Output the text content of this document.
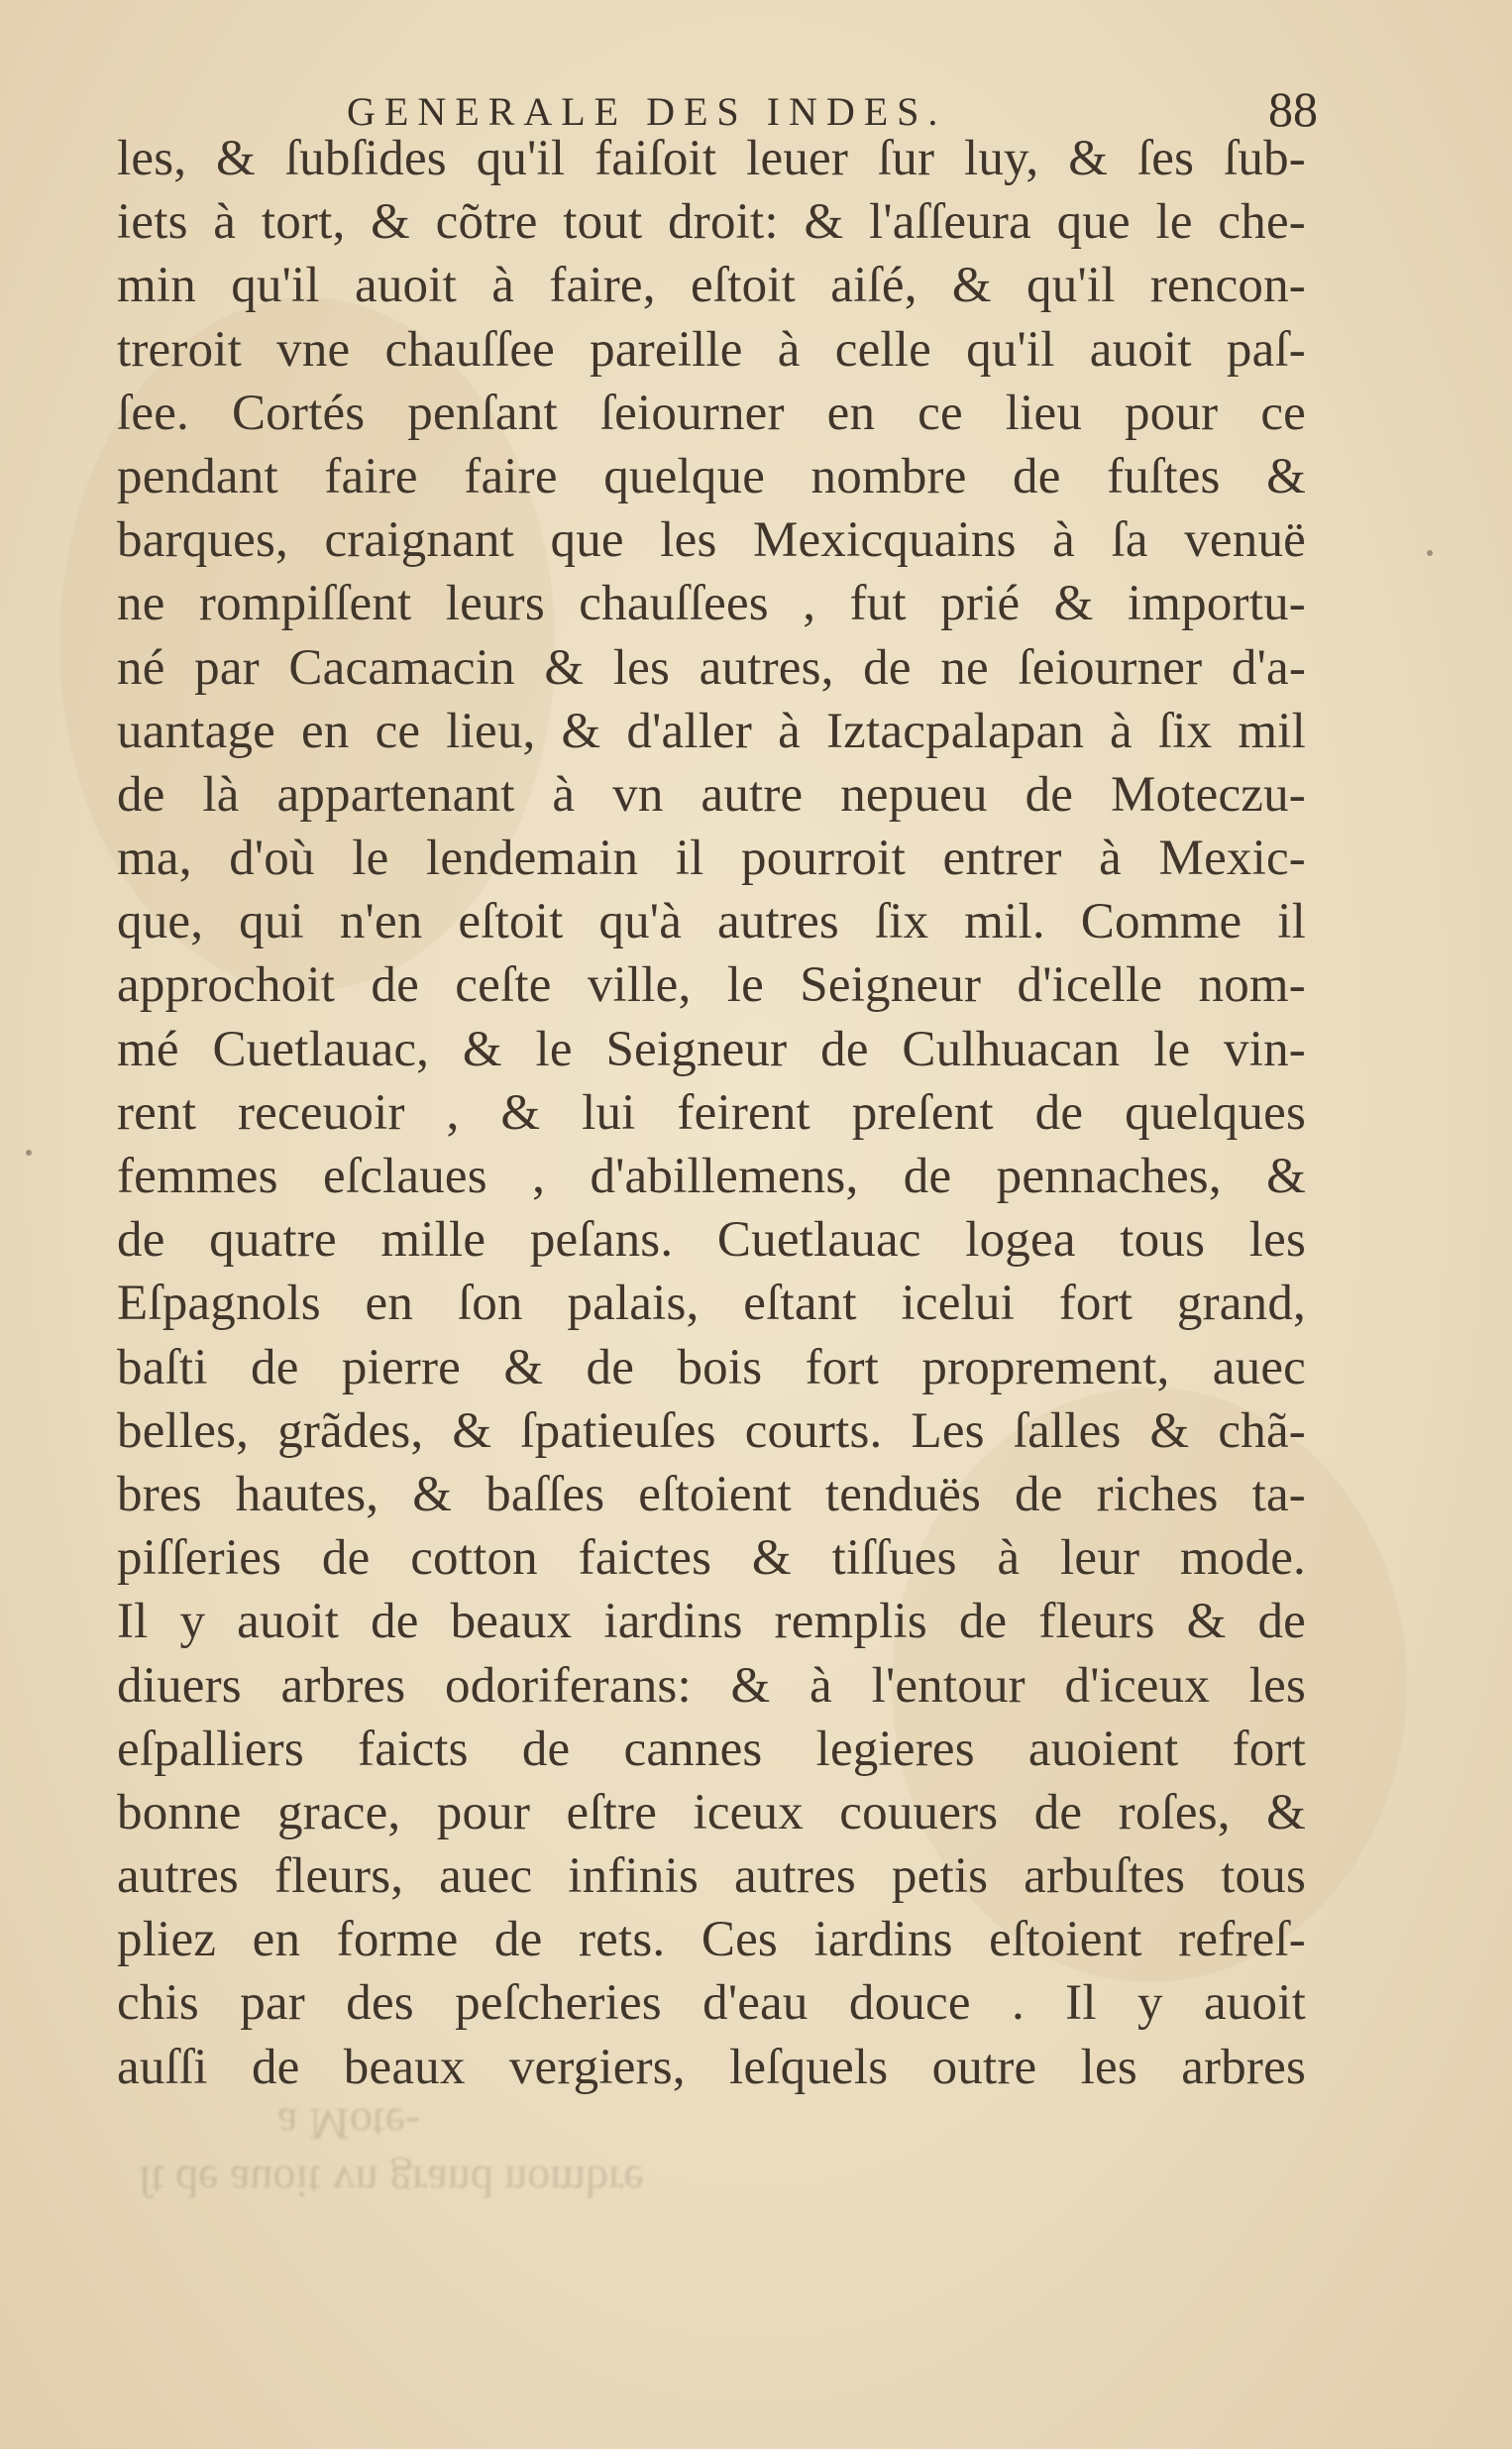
GENERALE DES INDES.	88
les, & ſubſides qu'il faiſoit leuer ſur luy, & ſes ſub-
iets à tort, & cõtre tout droit: & l'aſſeura que le che-
min qu'il auoit à faire, eſtoit aiſé, & qu'il rencon-
treroit vne chauſſee pareille à celle qu'il auoit paſ-
ſee. Cortés penſant ſeiourner en ce lieu pour ce
pendant faire faire quelque nombre de fuſtes &
barques, craignant que les Mexicquains à ſa venuë
ne rompiſſent leurs chauſſees , fut prié & importu-
né par Cacamacin & les autres, de ne ſeiourner d'a-
uantage en ce lieu, & d'aller à Iztacpalapan à ſix mil
de là appartenant à vn autre nepueu de Moteczu-
ma, d'où le lendemain il pourroit entrer à Mexic-
que, qui n'en eſtoit qu'à autres ſix mil. Comme il
approchoit de ceſte ville, le Seigneur d'icelle nom-
mé Cuetlauac, & le Seigneur de Culhuacan le vin-
rent receuoir , & lui feirent preſent de quelques
femmes eſclaues , d'abillemens, de pennaches, &
de quatre mille peſans. Cuetlauac logea tous les
Eſpagnols en ſon palais, eſtant icelui fort grand,
baſti de pierre & de bois fort proprement, auec
belles, grãdes, & ſpatieuſes courts. Les ſalles & chã-
bres hautes, & baſſes eſtoient tenduës de riches ta-
piſſeries de cotton faictes & tiſſues à leur mode.
Il y auoit de beaux iardins remplis de fleurs & de
diuers arbres odoriferans: & à l'entour d'iceux les
eſpalliers faicts de cannes legieres auoient fort
bonne grace, pour eſtre iceux couuers de roſes, &
autres fleurs, auec infinis autres petis arbuſtes tous
pliez en forme de rets. Ces iardins eſtoient refreſ-
chis par des peſcheries d'eau douce . Il y auoit
auſſi de beaux vergiers, leſquels outre les arbres
ſt de auoit vn grand nombre
a Mote-
